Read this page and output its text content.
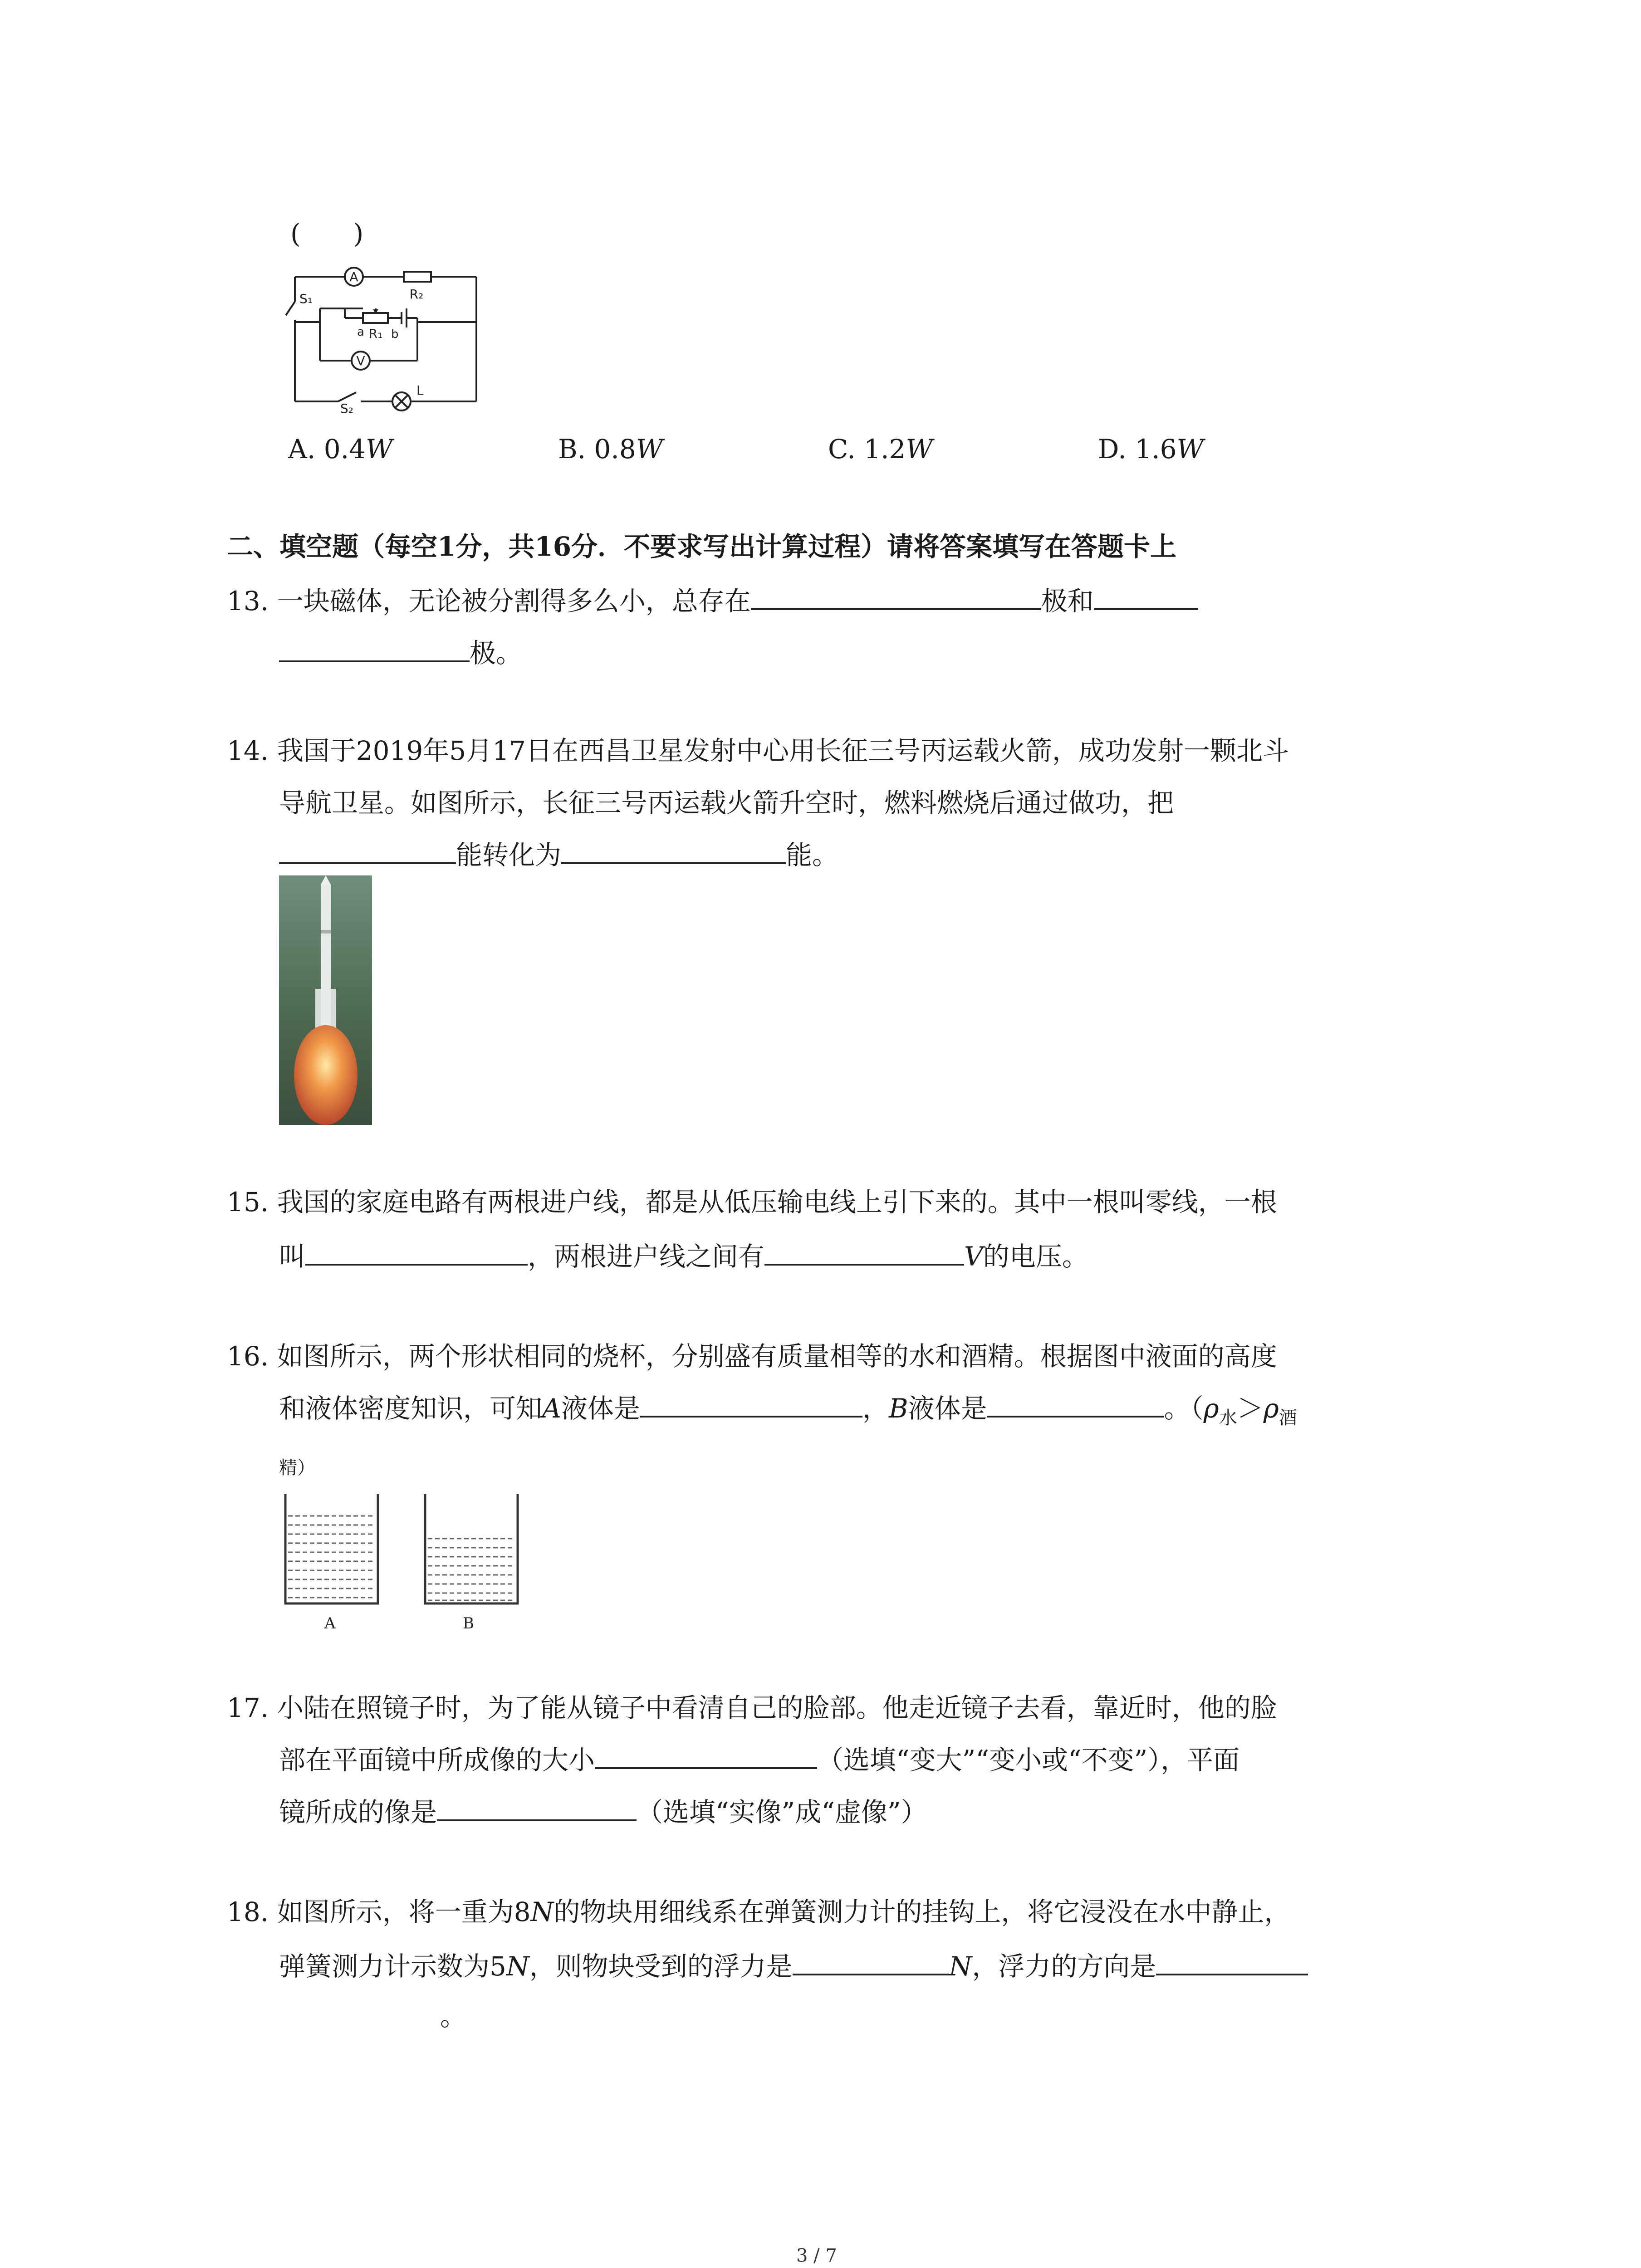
(　　)
A
R₂
V
R₁
a b
S₁
S₂
L
A. 0.4W	B. 0.8W	C. 1.2W	D. 1.6W
二、填空题（每空1分，共16分．不要求写出计算过程）请将答案填写在答题卡上
13. 一块磁体，无论被分割得多么小，总存在	极和
极。
14. 我国于2019年5月17日在西昌卫星发射中心用长征三号丙运载火箭，成功发射一颗北斗
导航卫星。如图所示，长征三号丙运载火箭升空时，燃料燃烧后通过做功，把
能转化为	能。
15. 我国的家庭电路有两根进户线，都是从低压输电线上引下来的。其中一根叫零线，一根
叫	，两根进户线之间有	V的电压。
16. 如图所示，两个形状相同的烧杯，分别盛有质量相等的水和酒精。根据图中液面的高度
和液体密度知识，可知A液体是	，B液体是	。（$\rho_水>\rho_酒$
$_{精)}$
A	B
17. 小陆在照镜子时，为了能从镜子中看清自己的脸部。他走近镜子去看，靠近时，他的脸
部在平面镜中所成像的大小	（选填“变大”“变小或“不变”），平面
镜所成的像是	（选填“实像”成“虚像”）
18. 如图所示，将一重为8N的物块用细线系在弹簧测力计的挂钩上，将它浸没在水中静止，
弹簧测力计示数为5N，则物块受到的浮力是	N，浮力的方向是
。
3 / 7
